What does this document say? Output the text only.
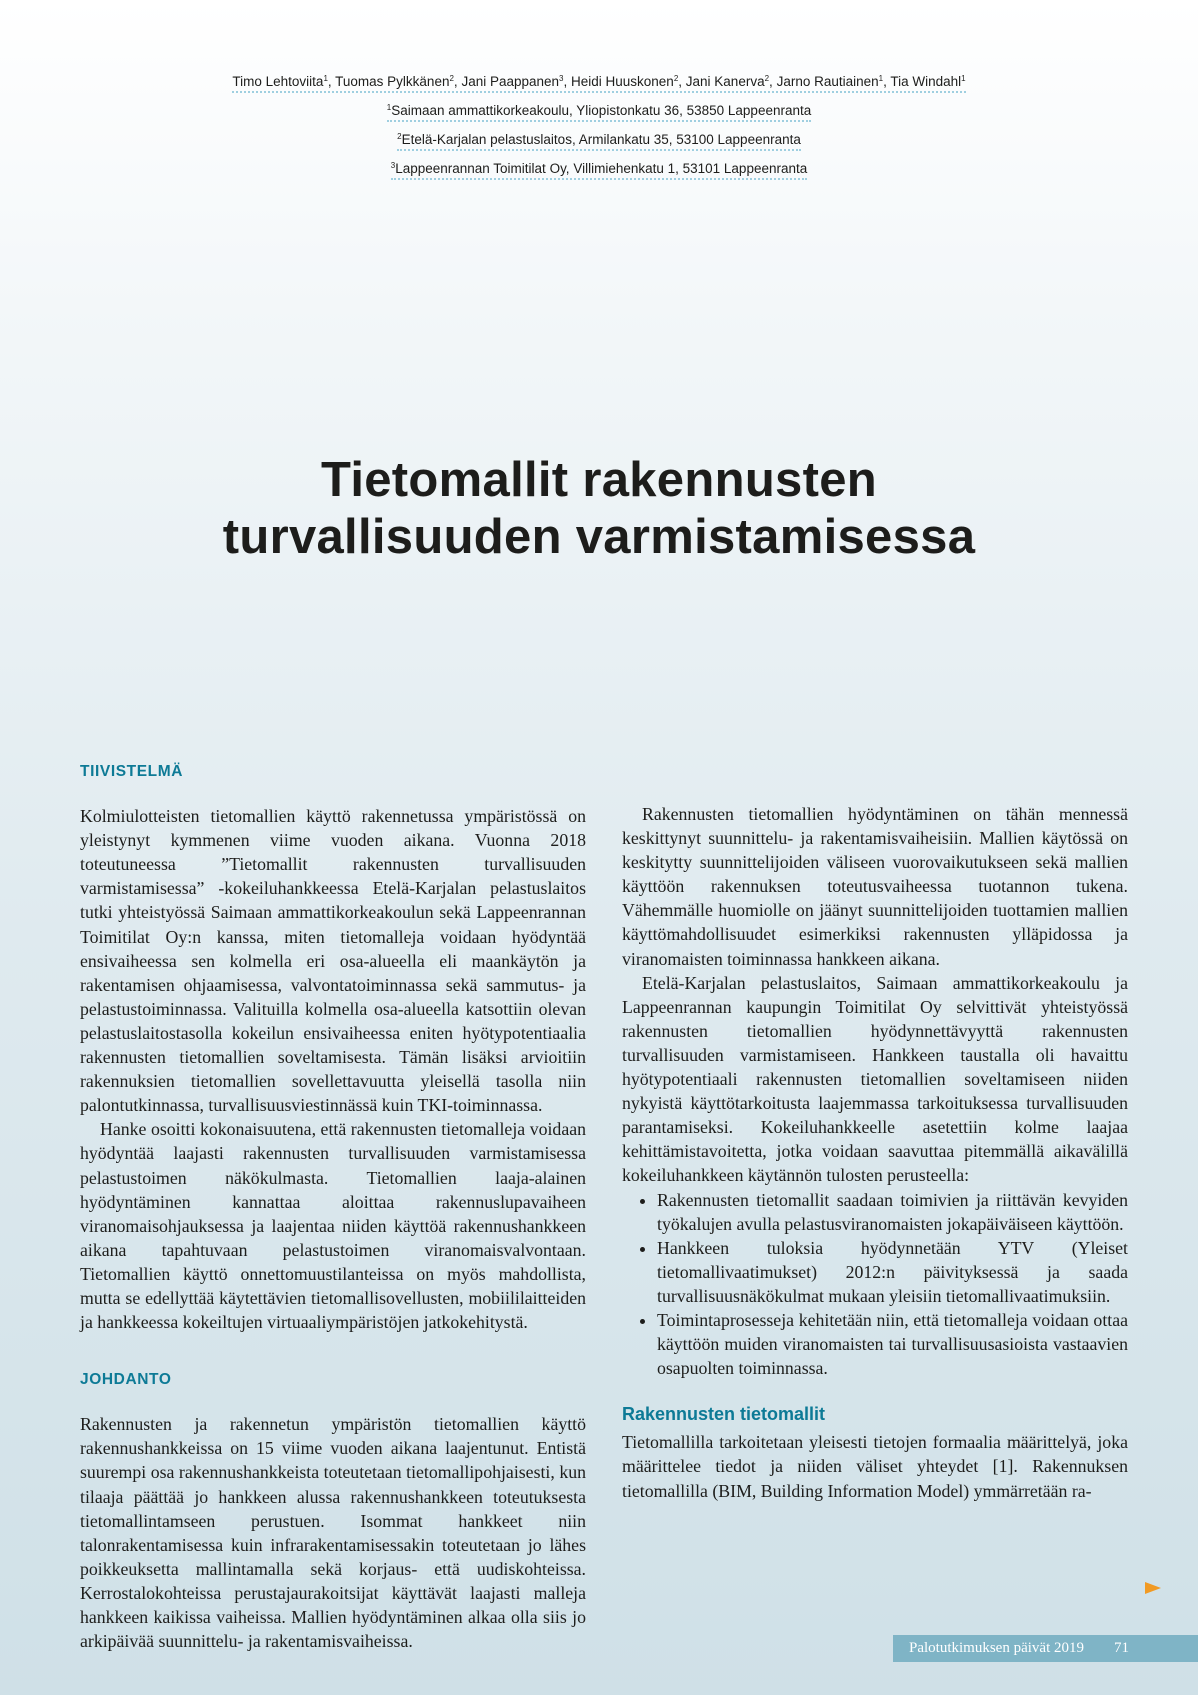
Timo Lehtoviita$^1$, Tuomas Pylkkänen$^2$, Jani Paappanen$^3$, Heidi Huuskonen$^2$, Jani Kanerva$^2$, Jarno Rautiainen$^1$, Tia Windahl$^1$
$^1$Saimaan ammattikorkeakoulu, Yliopistonkatu 36, 53850 Lappeenranta
$^2$Etelä-Karjalan pelastuslaitos, Armilankatu 35, 53100 Lappeenranta
$^3$Lappeenrannan Toimitilat Oy, Villimiehenkatu 1, 53101 Lappeenranta
Tietomallit rakennusten
turvallisuuden varmistamisessa
TIIVISTELMÄ

Kolmiulotteisten tietomallien käyttö rakennetussa ympäristössä on yleistynyt kymmenen viime vuoden aikana. Vuonna 2018 toteutuneessa ”Tietomallit rakennusten turvallisuuden varmistamisessa” -kokeiluhankkeessa Etelä-Karjalan pelastuslaitos tutki yhteistyössä Saimaan ammattikorkeakoulun sekä Lappeenrannan Toimitilat Oy:n kanssa, miten tietomalleja voidaan hyödyntää ensivaiheessa sen kolmella eri osa-alueella eli maankäytön ja rakentamisen ohjaamisessa, valvontatoiminnassa sekä sammutus- ja pelastustoiminnassa. Valituilla kolmella osa-alueella katsottiin olevan pelastuslaitostasolla kokeilun ensivaiheessa eniten hyötypotentiaalia rakennusten tietomallien soveltamisesta. Tämän lisäksi arvioitiin rakennuksien tietomallien sovellettavuutta yleisellä tasolla niin palontutkinnassa, turvallisuusviestinnässä kuin TKI-toiminnassa.

Hanke osoitti kokonaisuutena, että rakennusten tietomalleja voidaan hyödyntää laajasti rakennusten turvallisuuden varmistamisessa pelastustoimen näkökulmasta. Tietomallien laaja-alainen hyödyntäminen kannattaa aloittaa rakennuslupavaiheen viranomaisohjauksessa ja laajentaa niiden käyttöä rakennushankkeen aikana tapahtuvaan pelastustoimen viranomaisvalvontaan. Tietomallien käyttö onnettomuustilanteissa on myös mahdollista, mutta se edellyttää käytettävien tietomallisovellusten, mobiililaitteiden ja hankkeessa kokeiltujen virtuaaliympäristöjen jatkokehitystä.

JOHDANTO

Rakennusten ja rakennetun ympäristön tietomallien käyttö rakennushankkeissa on 15 viime vuoden aikana laajentunut. Entistä suurempi osa rakennushankkeista toteutetaan tietomallipohjaisesti, kun tilaaja päättää jo hankkeen alussa rakennushankkeen toteutuksesta tietomallintamseen perustuen. Isommat hankkeet niin talonrakentamisessa kuin infrarakentamisessakin toteutetaan jo lähes poikkeuksetta mallintamalla sekä korjaus- että uudiskohteissa. Kerrostalokohteissa perustajaurakoitsijat käyttävät laajasti malleja hankkeen kaikissa vaiheissa. Mallien hyödyntäminen alkaa olla siis jo arkipäivää suunnittelu- ja rakentamisvaiheissa.

Rakennusten tietomallien hyödyntäminen on tähän mennessä keskittynyt suunnittelu- ja rakentamisvaiheisiin. Mallien käytössä on keskitytty suunnittelijoiden väliseen vuorovaikutukseen sekä mallien käyttöön rakennuksen toteutusvaiheessa tuotannon tukena. Vähemmälle huomiolle on jäänyt suunnittelijoiden tuottamien mallien käyttömahdollisuudet esimerkiksi rakennusten ylläpidossa ja viranomaisten toiminnassa hankkeen aikana.

Etelä-Karjalan pelastuslaitos, Saimaan ammattikorkeakoulu ja Lappeenrannan kaupungin Toimitilat Oy selvittivät yhteistyössä rakennusten tietomallien hyödynnettävyyttä rakennusten turvallisuuden varmistamiseen. Hankkeen taustalla oli havaittu hyötypotentiaali rakennusten tietomallien soveltamiseen niiden nykyistä käyttötarkoitusta laajemmassa tarkoituksessa turvallisuuden parantamiseksi. Kokeiluhankkeelle asetettiin kolme laajaa kehittämistavoitetta, jotka voidaan saavuttaa pitemmällä aikavälillä kokeiluhankkeen käytännön tulosten perusteella:

• Rakennusten tietomallit saadaan toimivien ja riittävän kevyiden työkalujen avulla pelastusviranomaisten jokapäiväiseen käyttöön.
• Hankkeen tuloksia hyödynnetään YTV (Yleiset tietomallivaatimukset) 2012:n päivityksessä ja saada turvallisuusnäkökulmat mukaan yleisiin tietomallivaatimuksiin.
• Toimintaprosesseja kehitetään niin, että tietomalleja voidaan ottaa käyttöön muiden viranomaisten tai turvallisuusasioista vastaavien osapuolten toiminnassa.
Rakennusten tietomallit

Tietomallilla tarkoitetaan yleisesti tietojen formaalia määrittelyä, joka määrittelee tiedot ja niiden väliset yhteydet [1]. Rakennuksen tietomallilla (BIM, Building Information Model) ymmärretään ra-

Palotutkimuksen päivät 2019 71
